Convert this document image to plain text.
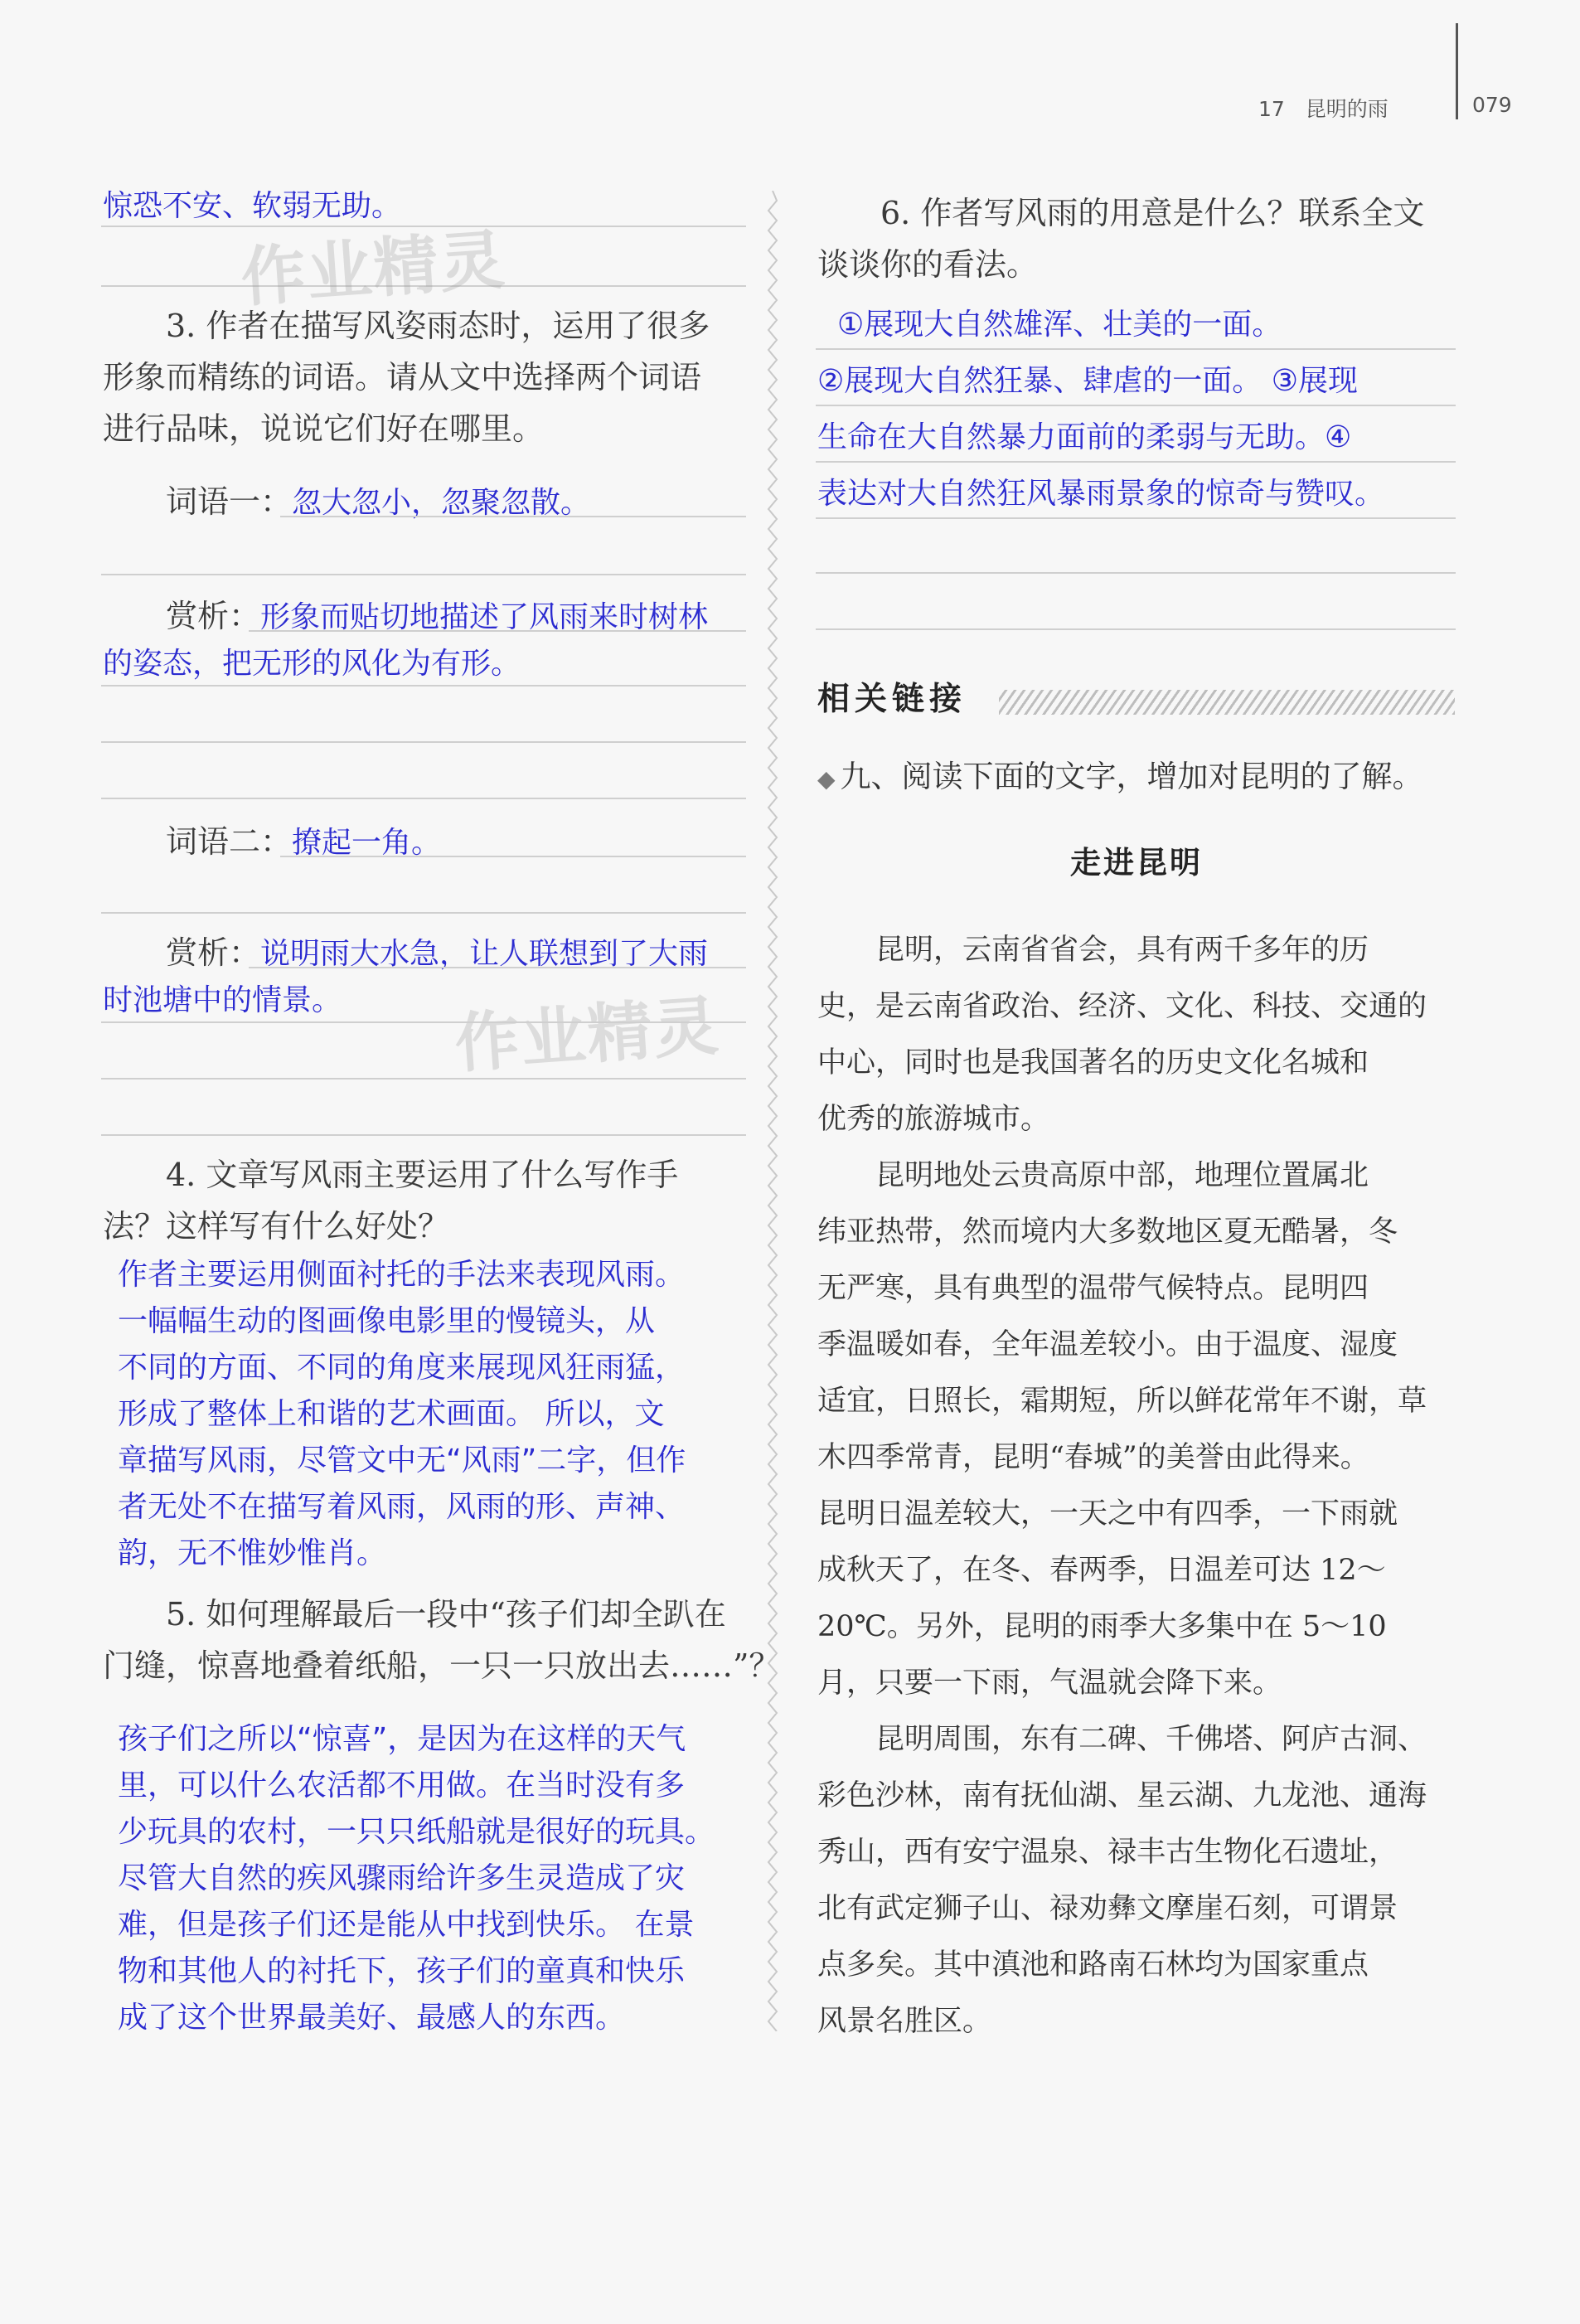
17　昆明的雨	079

惊恐不安、软弱无助。

作业精灵
3. 作者在描写风姿雨态时，运用了很多
形象而精练的词语。请从文中选择两个词语
进行品味，说说它们好在哪里。
词语一：忽大忽小，忽聚忽散。
赏析：形象而贴切地描述了风雨来时树林

的姿态，把无形的风化为有形。

词语二：撩起一角。
赏析：说明雨大水急，让人联想到了大雨

时池塘中的情景。 作业精灵
4. 文章写风雨主要运用了什么写作手
法？这样写有什么好处？

作者主要运用侧面衬托的手法来表现风雨。
一幅幅生动的图画像电影里的慢镜头，从
不同的方面、不同的角度来展现风狂雨猛，
形成了整体上和谐的艺术画面。 所以，文
章描写风雨，尽管文中无“风雨”二字，但作
者无处不在描写着风雨，风雨的形、声神、
韵，无不惟妙惟肖。

5. 如何理解最后一段中“孩子们却全趴在
门缝，惊喜地叠着纸船，一只一只放出去……”？

孩子们之所以“惊喜”，是因为在这样的天气
里，可以什么农活都不用做。在当时没有多
少玩具的农村，一只只纸船就是很好的玩具。
尽管大自然的疾风骤雨给许多生灵造成了灾
难，但是孩子们还是能从中找到快乐。 在景
物和其他人的衬托下，孩子们的童真和快乐
成了这个世界最美好、最感人的东西。

6. 作者写风雨的用意是什么？联系全文
谈谈你的看法。

①展现大自然雄浑、壮美的一面。
②展现大自然狂暴、肆虐的一面。 ③展现
生命在大自然暴力面前的柔弱与无助。④
表达对大自然狂风暴雨景象的惊奇与赞叹。

相关链接
◆ 九、阅读下面的文字，增加对昆明的了解。
走进昆明

　　昆明，云南省省会，具有两千多年的历
史，是云南省政治、经济、文化、科技、交通的
中心，同时也是我国著名的历史文化名城和
优秀的旅游城市。

　　昆明地处云贵高原中部，地理位置属北
纬亚热带，然而境内大多数地区夏无酷暑，冬
无严寒，具有典型的温带气候特点。昆明四
季温暖如春，全年温差较小。由于温度、湿度
适宜，日照长，霜期短，所以鲜花常年不谢，草
木四季常青，昆明“春城”的美誉由此得来。
昆明日温差较大，一天之中有四季，一下雨就
成秋天了，在冬、春两季，日温差可达 12～
20℃。另外，昆明的雨季大多集中在 5～10
月，只要一下雨，气温就会降下来。

　　昆明周围，东有二碑、千佛塔、阿庐古洞、
彩色沙林，南有抚仙湖、星云湖、九龙池、通海
秀山，西有安宁温泉、禄丰古生物化石遗址，
北有武定狮子山、禄劝彝文摩崖石刻，可谓景
点多矣。其中滇池和路南石林均为国家重点
风景名胜区。
